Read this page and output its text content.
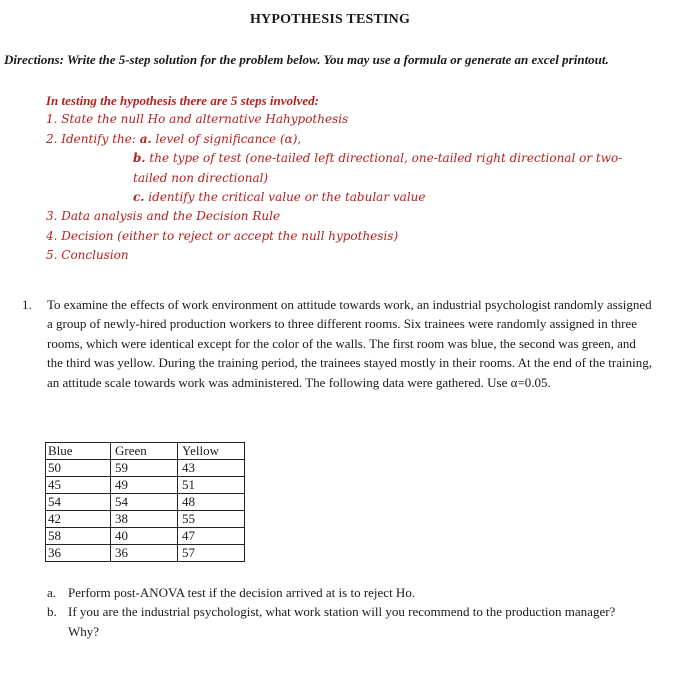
HYPOTHESIS TESTING
Directions: Write the 5-step solution for the problem below. You may use a formula or generate an excel printout.
In testing the hypothesis there are 5 steps involved:
1. State the null Ho and alternative Hahypothesis
2. Identify the: a. level of significance (α),
b. the type of test (one-tailed left directional, one-tailed right directional or two-tailed non directional)
c. identify the critical value or the tabular value
3. Data analysis and the Decision Rule
4. Decision (either to reject or accept the null hypothesis)
5. Conclusion
1.	To examine the effects of work environment on attitude towards work, an industrial psychologist randomly assigned a group of newly-hired production workers to three different rooms. Six trainees were randomly assigned in three rooms, which were identical except for the color of the walls. The first room was blue, the second was green, and the third was yellow. During the training period, the trainees stayed mostly in their rooms. At the end of the training, an attitude scale towards work was administered. The following data were gathered. Use α=0.05.
Blue	Green	Yellow
50	59	43
45	49	51
54	54	48
42	38	55
58	40	47
36	36	57
a. Perform post-ANOVA test if the decision arrived at is to reject Ho.
b. If you are the industrial psychologist, what work station will you recommend to the production manager? Why?
